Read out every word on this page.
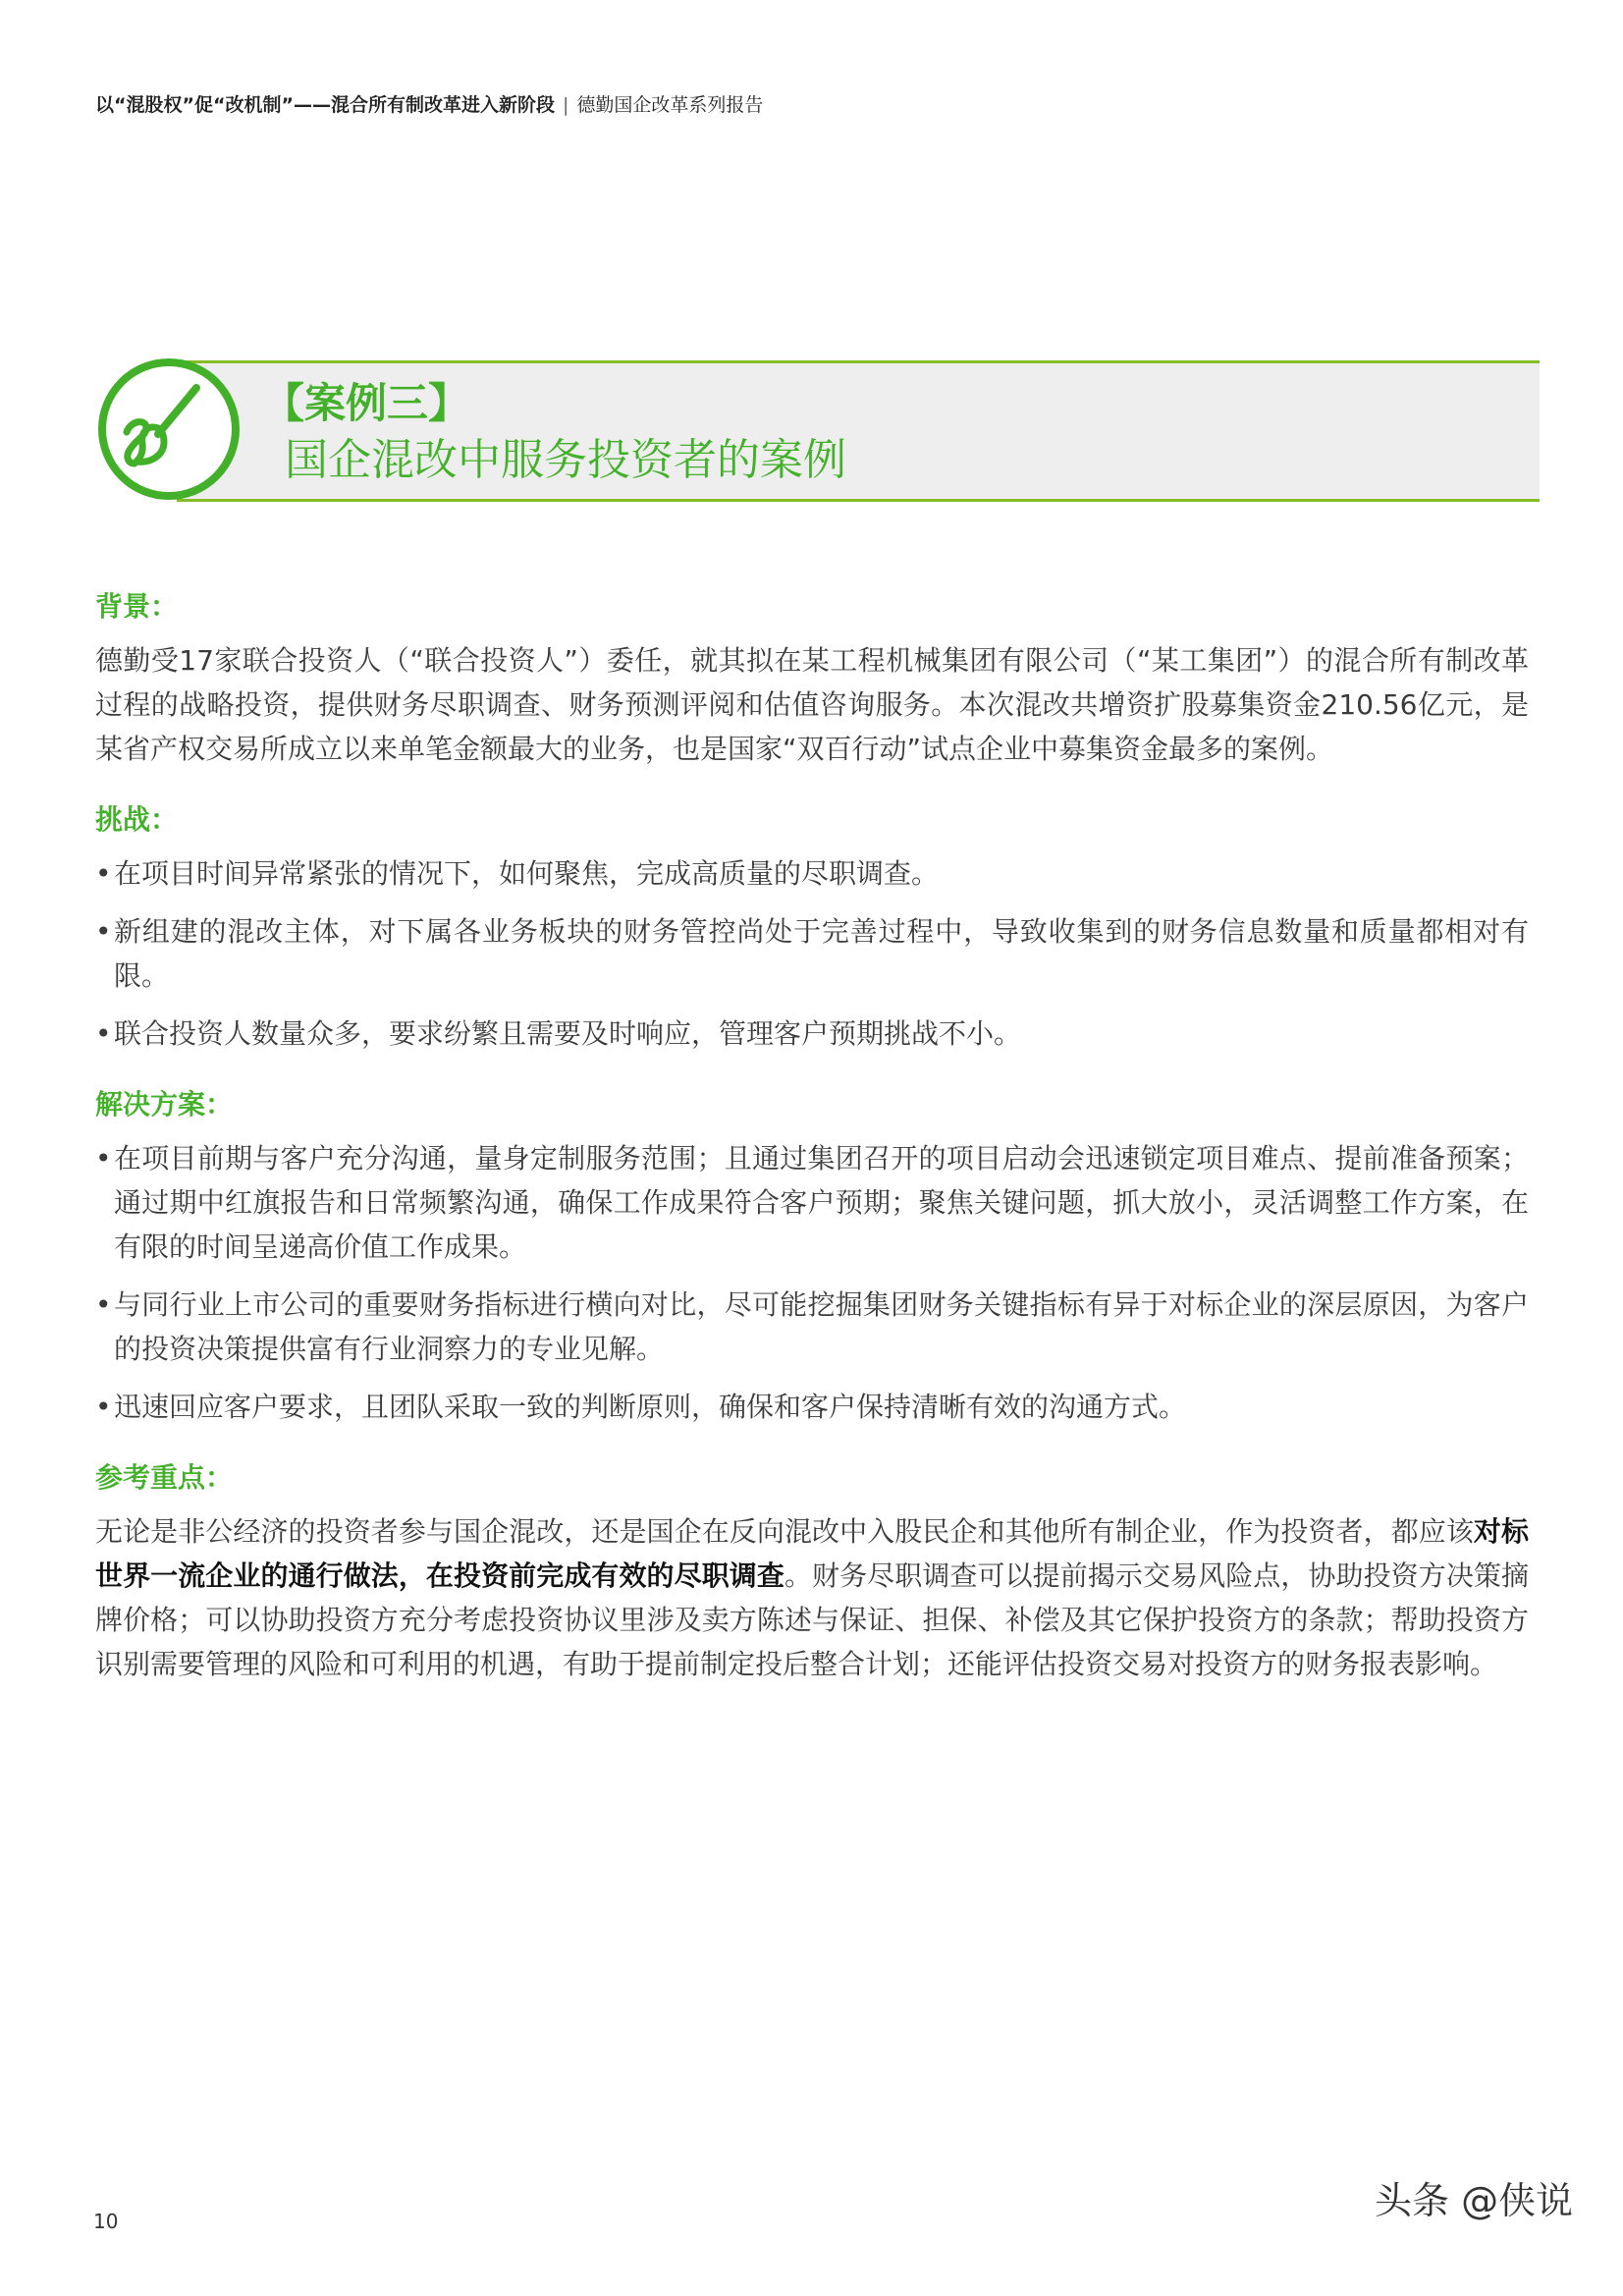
以“混股权”促“改机制”——混合所有制改革进入新阶段 | 德勤国企改革系列报告
【案例三】
国企混改中服务投资者的案例
背景：

德勤受17家联合投资人（“联合投资人”）委任，就其拟在某工程机械集团有限公司（“某工集团”）的混合所有制改革过程的战略投资，提供财务尽职调查、财务预测评阅和估值咨询服务。本次混改共增资扩股募集资金210.56亿元，是某省产权交易所成立以来单笔金额最大的业务，也是国家“双百行动”试点企业中募集资金最多的案例。

挑战：
• 在项目时间异常紧张的情况下，如何聚焦，完成高质量的尽职调查。
• 新组建的混改主体，对下属各业务板块的财务管控尚处于完善过程中，导致收集到的财务信息数量和质量都相对有限。
• 联合投资人数量众多，要求纷繁且需要及时响应，管理客户预期挑战不小。
解决方案：
• 在项目前期与客户充分沟通，量身定制服务范围；且通过集团召开的项目启动会迅速锁定项目难点、提前准备预案；通过期中红旗报告和日常频繁沟通，确保工作成果符合客户预期；聚焦关键问题，抓大放小，灵活调整工作方案，在有限的时间呈递高价值工作成果。
• 与同行业上市公司的重要财务指标进行横向对比，尽可能挖掘集团财务关键指标有异于对标企业的深层原因，为客户的投资决策提供富有行业洞察力的专业见解。
• 迅速回应客户要求，且团队采取一致的判断原则，确保和客户保持清晰有效的沟通方式。
参考重点：

无论是非公经济的投资者参与国企混改，还是国企在反向混改中入股民企和其他所有制企业，作为投资者，都应该对标世界一流企业的通行做法，在投资前完成有效的尽职调查。财务尽职调查可以提前揭示交易风险点，协助投资方决策摘牌价格；可以协助投资方充分考虑投资协议里涉及卖方陈述与保证、担保、补偿及其它保护投资方的条款；帮助投资方识别需要管理的风险和可利用的机遇，有助于提前制定投后整合计划；还能评估投资交易对投资方的财务报表影响。

10	头条 @侠说
